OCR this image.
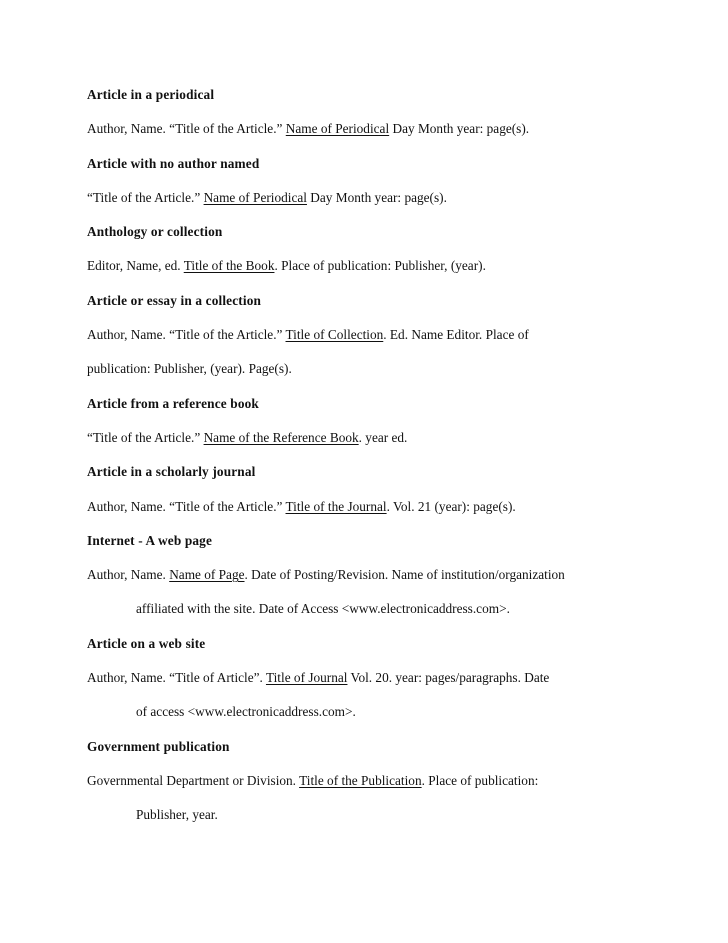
Article in a periodical
Author, Name. “Title of the Article.” Name of Periodical Day Month year: page(s).
Article with no author named
“Title of the Article.” Name of Periodical Day Month year: page(s).
Anthology or collection
Editor, Name, ed. Title of the Book. Place of publication: Publisher, (year).
Article or essay in a collection
Author, Name. “Title of the Article.” Title of Collection. Ed. Name Editor. Place of
publication: Publisher, (year). Page(s).
Article from a reference book
“Title of the Article.” Name of the Reference Book. year ed.
Article in a scholarly journal
Author, Name. “Title of the Article.” Title of the Journal. Vol. 21 (year): page(s).
Internet - A web page
Author, Name. Name of Page. Date of Posting/Revision. Name of institution/organization
affiliated with the site. Date of Access <www.electronicaddress.com>.
Article on a web site
Author, Name. “Title of Article”. Title of Journal Vol. 20. year: pages/paragraphs. Date
of access <www.electronicaddress.com>.
Government publication
Governmental Department or Division. Title of the Publication. Place of publication:
Publisher, year.
